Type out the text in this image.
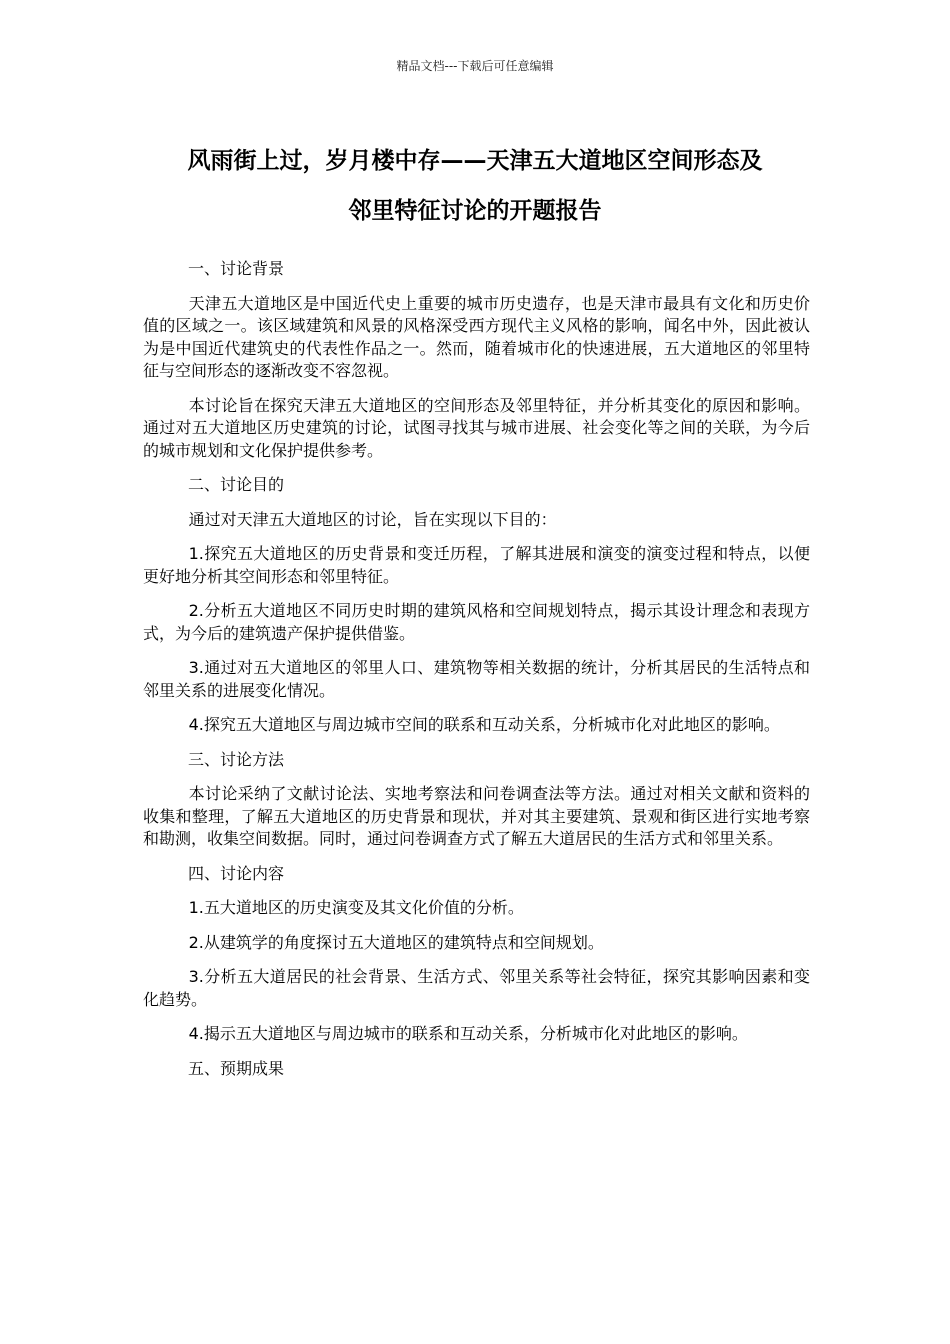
精品文档---下载后可任意编辑
风雨街上过，岁月楼中存——天津五大道地区空间形态及
邻里特征讨论的开题报告

一、讨论背景

天津五大道地区是中国近代史上重要的城市历史遗存，也是天津市最具有文化和历史价值的区域之一。该区域建筑和风景的风格深受西方现代主义风格的影响，闻名中外，因此被认为是中国近代建筑史的代表性作品之一。然而，随着城市化的快速进展，五大道地区的邻里特征与空间形态的逐渐改变不容忽视。

本讨论旨在探究天津五大道地区的空间形态及邻里特征，并分析其变化的原因和影响。通过对五大道地区历史建筑的讨论，试图寻找其与城市进展、社会变化等之间的关联，为今后的城市规划和文化保护提供参考。

二、讨论目的

通过对天津五大道地区的讨论，旨在实现以下目的：

1.探究五大道地区的历史背景和变迁历程，了解其进展和演变的演变过程和特点，以便更好地分析其空间形态和邻里特征。

2.分析五大道地区不同历史时期的建筑风格和空间规划特点，揭示其设计理念和表现方式，为今后的建筑遗产保护提供借鉴。

3.通过对五大道地区的邻里人口、建筑物等相关数据的统计，分析其居民的生活特点和邻里关系的进展变化情况。

4.探究五大道地区与周边城市空间的联系和互动关系，分析城市化对此地区的影响。

三、讨论方法

本讨论采纳了文献讨论法、实地考察法和问卷调查法等方法。通过对相关文献和资料的收集和整理，了解五大道地区的历史背景和现状，并对其主要建筑、景观和街区进行实地考察和勘测，收集空间数据。同时，通过问卷调查方式了解五大道居民的生活方式和邻里关系。

四、讨论内容

1.五大道地区的历史演变及其文化价值的分析。

2.从建筑学的角度探讨五大道地区的建筑特点和空间规划。

3.分析五大道居民的社会背景、生活方式、邻里关系等社会特征，探究其影响因素和变化趋势。

4.揭示五大道地区与周边城市的联系和互动关系，分析城市化对此地区的影响。

五、预期成果
